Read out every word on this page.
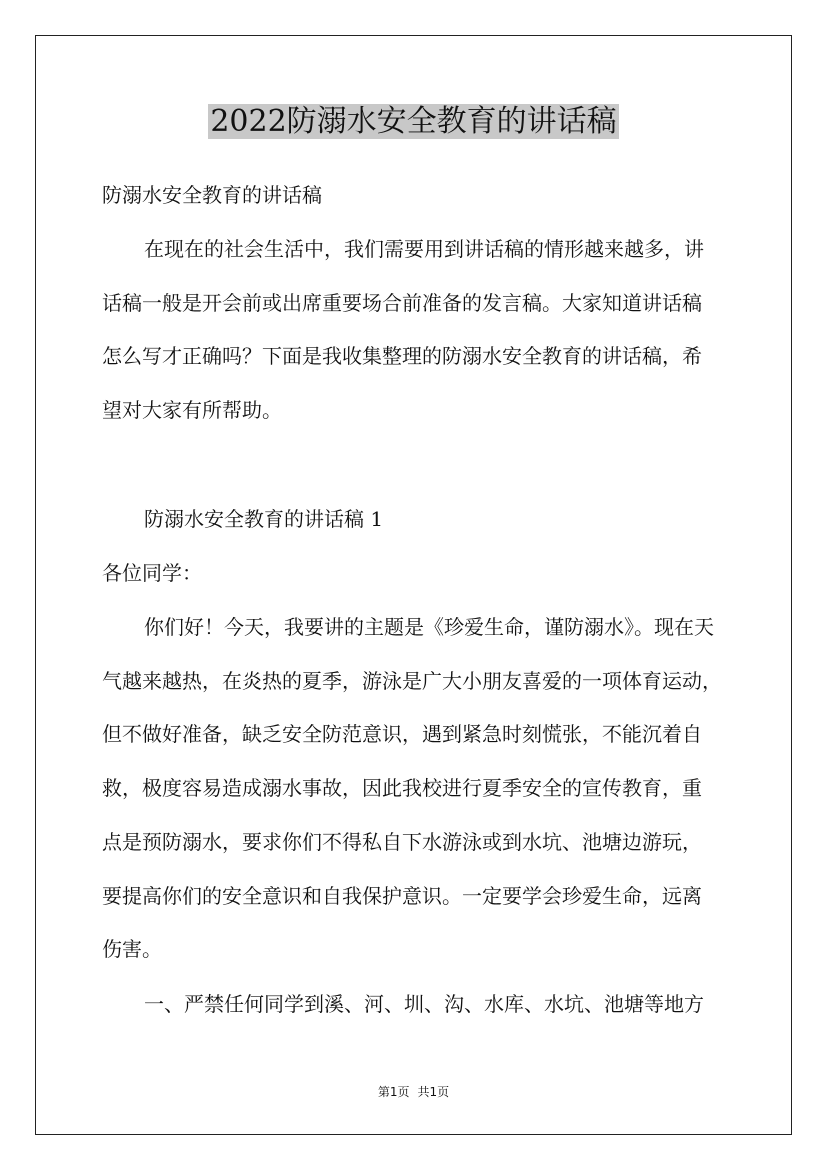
2022防溺水安全教育的讲话稿
防溺水安全教育的讲话稿
在现在的社会生活中，我们需要用到讲话稿的情形越来越多，讲
话稿一般是开会前或出席重要场合前准备的发言稿。大家知道讲话稿
怎么写才正确吗？下面是我收集整理的防溺水安全教育的讲话稿，希
望对大家有所帮助。
防溺水安全教育的讲话稿 1
各位同学：
你们好！今天，我要讲的主题是《珍爱生命，谨防溺水》。现在天
气越来越热，在炎热的夏季，游泳是广大小朋友喜爱的一项体育运动，
但不做好准备，缺乏安全防范意识，遇到紧急时刻慌张，不能沉着自
救，极度容易造成溺水事故，因此我校进行夏季安全的宣传教育，重
点是预防溺水，要求你们不得私自下水游泳或到水坑、池塘边游玩，
要提高你们的安全意识和自我保护意识。一定要学会珍爱生命，远离
伤害。
一、严禁任何同学到溪、河、圳、沟、水库、水坑、池塘等地方
第1页 共1页
